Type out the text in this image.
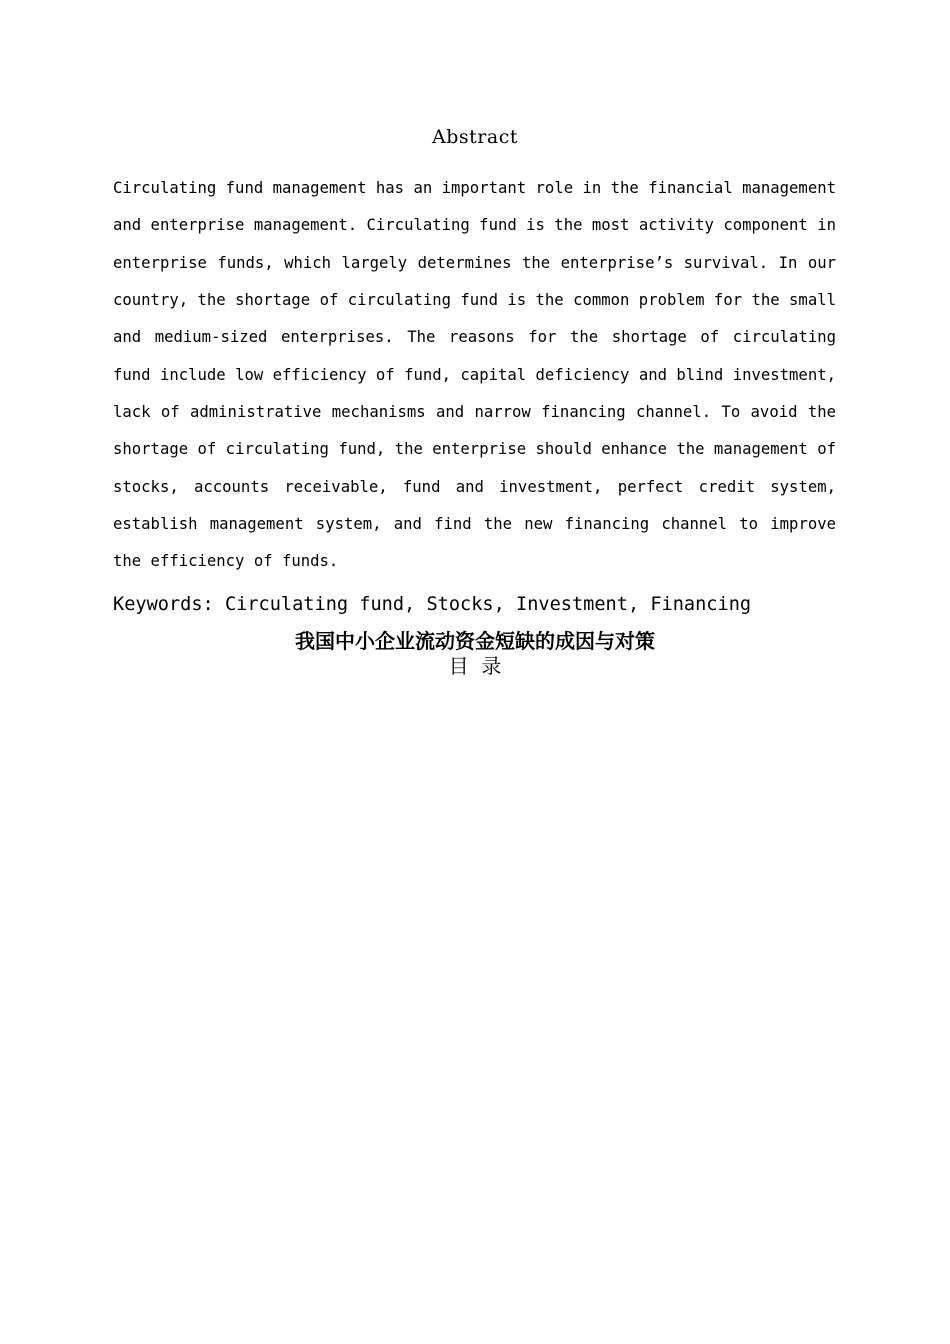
Abstract

Circulating fund management has an important role in the financial management and enterprise management. Circulating fund is the most activity component in enterprise funds, which largely determines the enterprise’s survival. In our country, the shortage of circulating fund is the common problem for the small and medium-sized enterprises. The reasons for the shortage of circulating fund include low efficiency of fund, capital deficiency and blind investment, lack of administrative mechanisms and narrow financing channel. To avoid the shortage of circulating fund, the enterprise should enhance the management of stocks, accounts receivable, fund and investment, perfect credit system, establish management system, and find the new financing channel to improve the efficiency of funds.

Keywords: Circulating fund, Stocks, Investment, Financing
我国中小企业流动资金短缺的成因与对策
目  录
